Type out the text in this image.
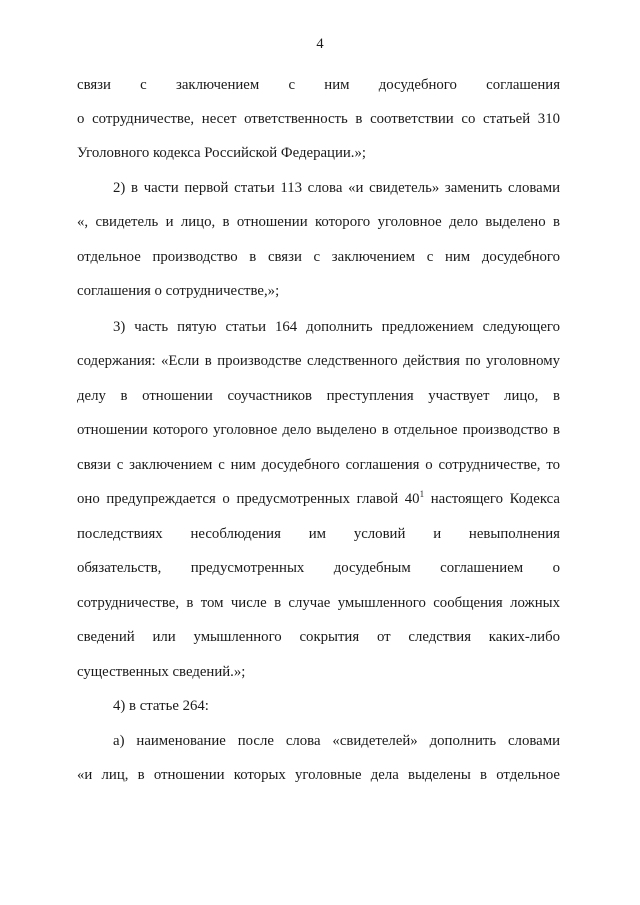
4
связи с заключением с ним досудебного соглашения
о сотрудничестве, несет ответственность в соответствии со статьей 310
Уголовного кодекса Российской Федерации.»;
2) в части первой статьи 113 слова «и свидетель» заменить словами
«, свидетель и лицо, в отношении которого уголовное дело выделено в
отдельное производство в связи с заключением с ним досудебного
соглашения о сотрудничестве,»;
3) часть пятую статьи 164 дополнить предложением следующего
содержания: «Если в производстве следственного действия по уголовному
делу в отношении соучастников преступления участвует лицо, в
отношении которого уголовное дело выделено в отдельное производство в
связи с заключением с ним досудебного соглашения о сотрудничестве, то
оно предупреждается о предусмотренных главой $40^1$ настоящего Кодекса
последствиях несоблюдения им условий и невыполнения
обязательств, предусмотренных досудебным соглашением о
сотрудничестве, в том числе в случае умышленного сообщения ложных
сведений или умышленного сокрытия от следствия каких-либо
существенных сведений.»;
4) в статье 264:
а) наименование после слова «свидетелей» дополнить словами
«и лиц, в отношении которых уголовные дела выделены в отдельное
